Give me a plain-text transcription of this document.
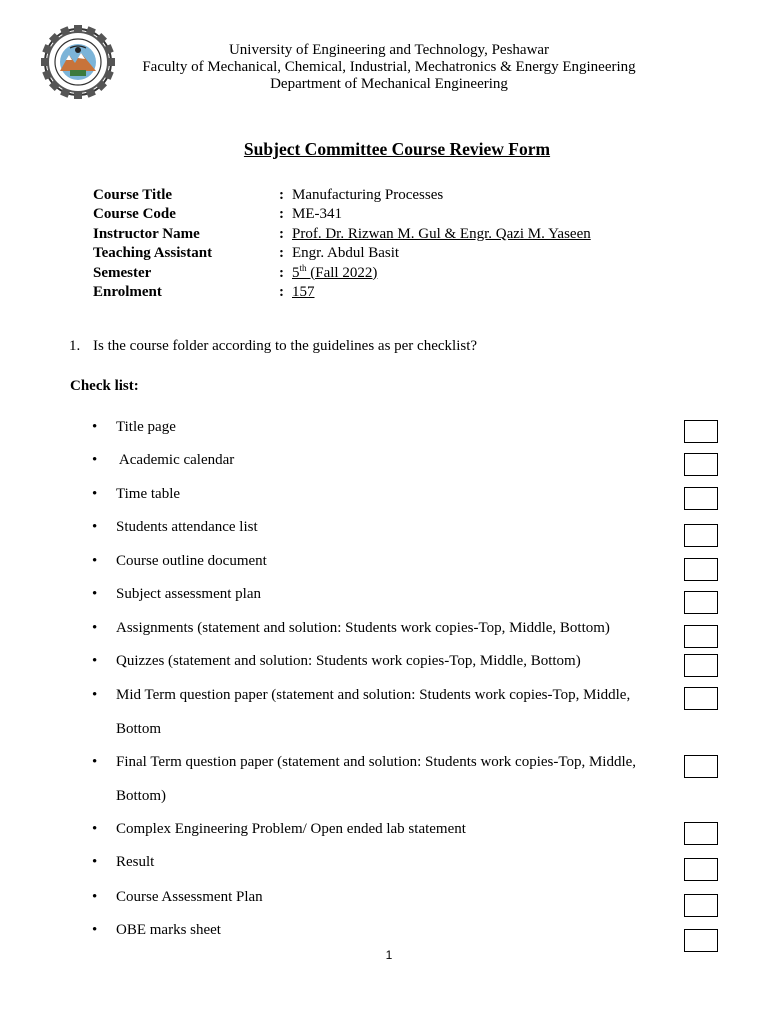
University of Engineering and Technology, Peshawar
Faculty of Mechanical, Chemical, Industrial, Mechatronics & Energy Engineering
Department of Mechanical Engineering
Subject Committee Course Review Form
Course Title	: Manufacturing Processes
Course Code	: ME-341
Instructor Name	: Prof. Dr. Rizwan M. Gul & Engr. Qazi M. Yaseen
Teaching Assistant	: Engr. Abdul Basit
Semester	: 5th (Fall 2022)
Enrolment	: 157
1. Is the course folder according to the guidelines as per checklist?
Check list:
•	Title page
•	Academic calendar
•	Time table
•	Students attendance list
•	Course outline document
•	Subject assessment plan
•	Assignments (statement and solution: Students work copies-Top, Middle, Bottom)
•	Quizzes (statement and solution: Students work copies-Top, Middle, Bottom)
•	Mid Term question paper (statement and solution: Students work copies-Top, Middle,
Bottom
•	Final Term question paper (statement and solution: Students work copies-Top, Middle,
Bottom)
•	Complex Engineering Problem/ Open ended lab statement
•	Result
•	Course Assessment Plan
•	OBE marks sheet
1
